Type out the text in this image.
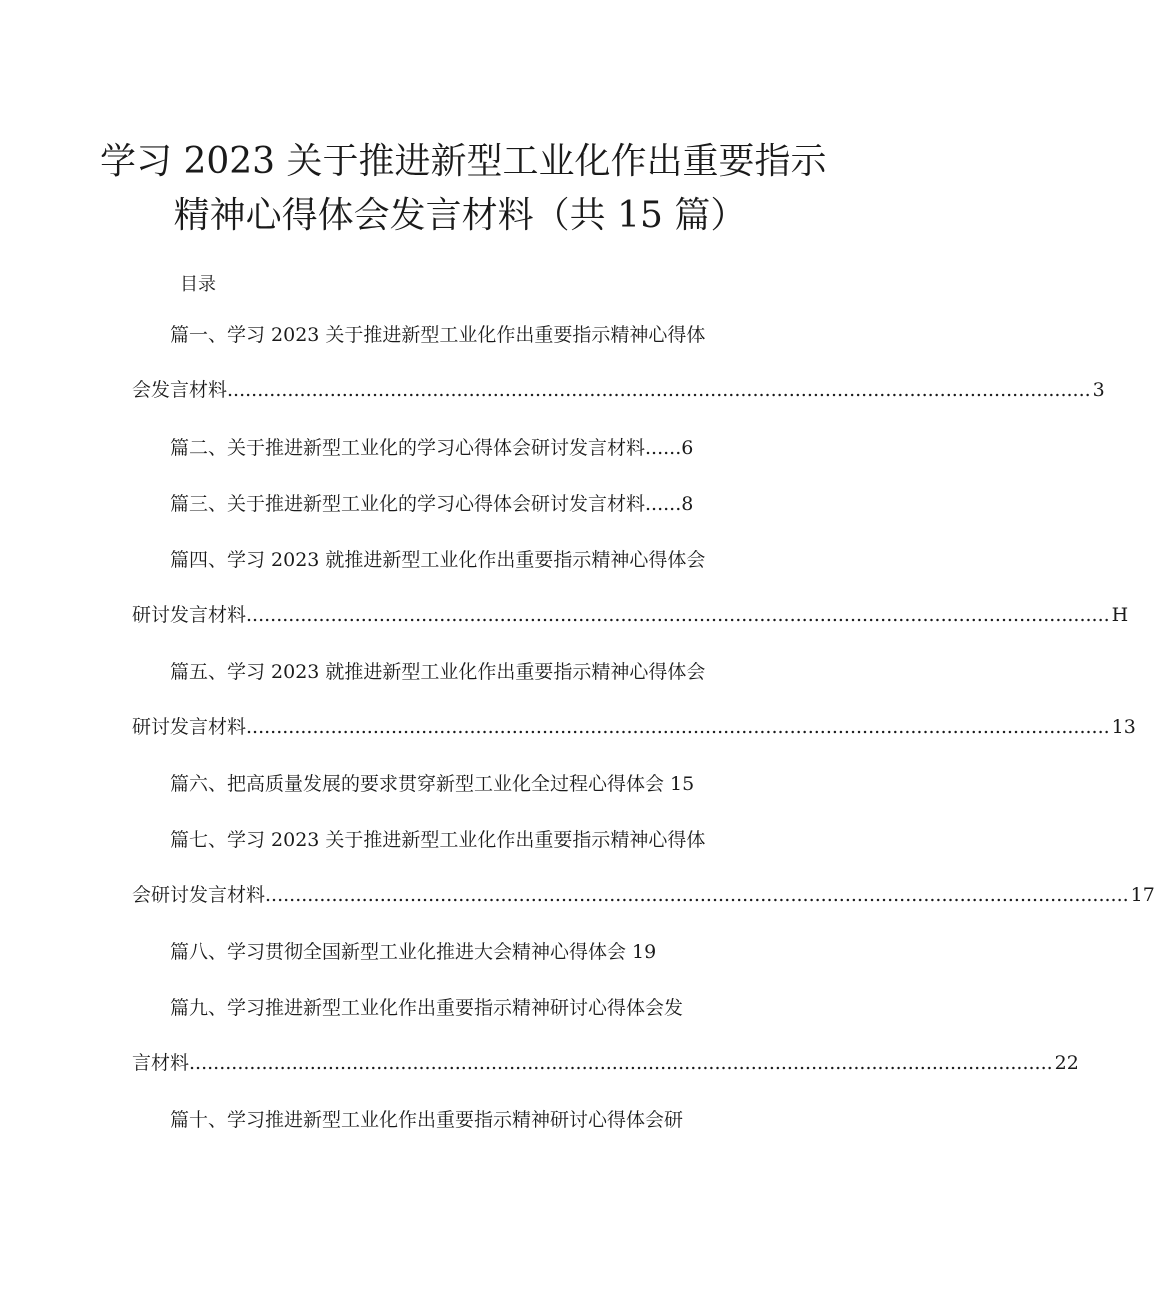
学习 2023 关于推进新型工业化作出重要指示
精神心得体会发言材料（共 15 篇）
目录
篇一、学习 2023 关于推进新型工业化作出重要指示精神心得体
会发言材料 ............................................................................................................................................... 3
篇二、关于推进新型工业化的学习心得体会研讨发言材料......6
篇三、关于推进新型工业化的学习心得体会研讨发言材料......8
篇四、学习 2023 就推进新型工业化作出重要指示精神心得体会
研讨发言材料 ............................................................................................................................................... H
篇五、学习 2023 就推进新型工业化作出重要指示精神心得体会
研讨发言材料 ............................................................................................................................................... 13
篇六、把高质量发展的要求贯穿新型工业化全过程心得体会 15
篇七、学习 2023 关于推进新型工业化作出重要指示精神心得体
会研讨发言材料 ............................................................................................................................................... 17
篇八、学习贯彻全国新型工业化推进大会精神心得体会 19
篇九、学习推进新型工业化作出重要指示精神研讨心得体会发
言材料 ............................................................................................................................................... 22
篇十、学习推进新型工业化作出重要指示精神研讨心得体会研
